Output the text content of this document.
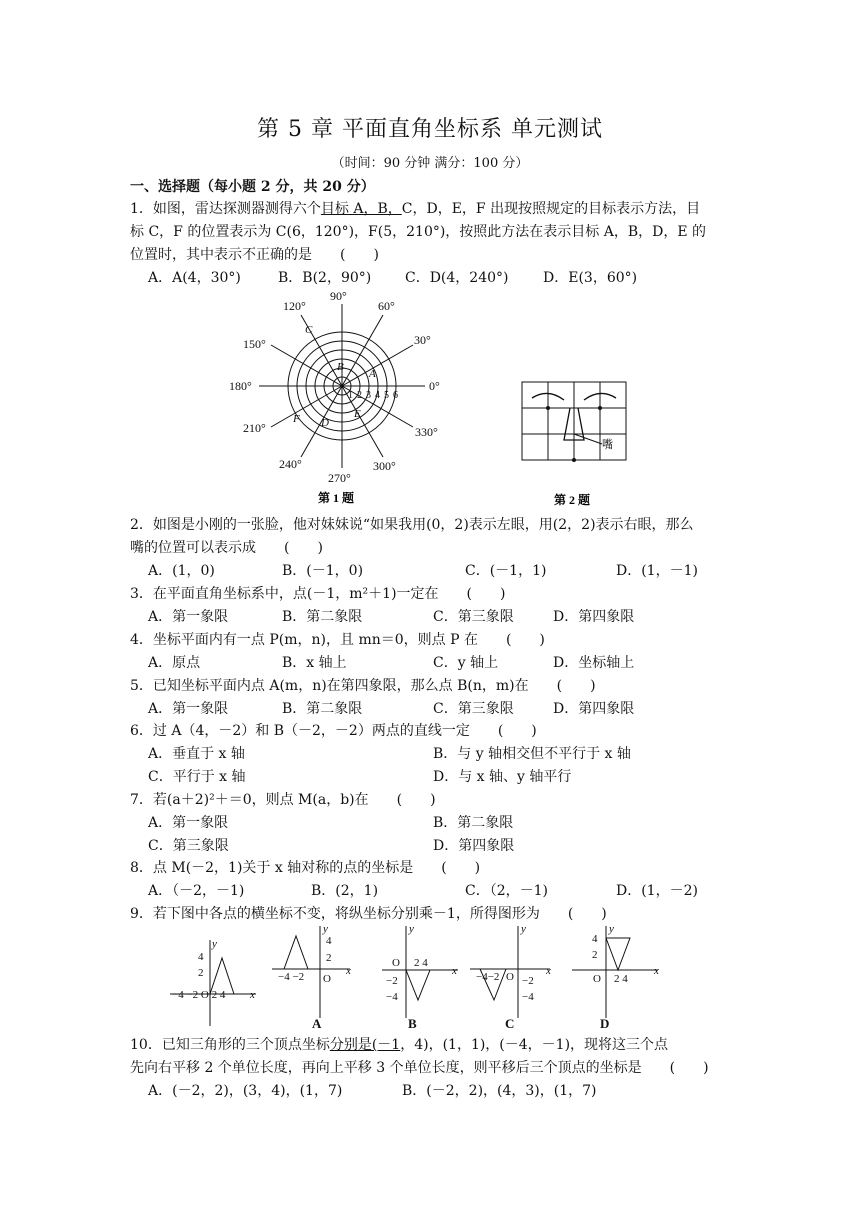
第 5 章 平面直角坐标系 单元测试
（时间：90 分钟 满分：100 分）
一、选择题（每小题 2 分，共 20 分）
1．如图，雷达探测器测得六个目标 A，B，C，D，E，F 出现按照规定的目标表示方法，目
标 C，F 的位置表示为 C(6，120°)，F(5，210°)，按照此方法在表示目标 A，B，D，E 的
位置时，其中表示不正确的是　　(　　)
A．A(4，30°)	B．B(2，90°) C．D(4，240°) D．E(3，60°)
0°
30°
60°
90°
120°
150°
180°
210°
240°
270°
300°
330°
1 2 3 4 5 6
A
B
C
D
E
F
第 1 题
嘴
第 2 题
2．如图是小刚的一张脸，他对妹妹说“如果我用(0，2)表示左眼，用(2，2)表示右眼，那么
嘴的位置可以表示成　　(　　)
A．(1，0)	B．(－1，0)	C．(－1，1)	D．(1，－1)
3．在平面直角坐标系中，点(－1，m²＋1)一定在　　(　　)
A．第一象限	B．第二象限	C．第三象限	D．第四象限
4．坐标平面内有一点 P(m，n)，且 mn＝0，则点 P 在　　(　　)
A．原点	B．x 轴上	C．y 轴上	D．坐标轴上
5．已知坐标平面内点 A(m，n)在第四象限，那么点 B(n，m)在　　(　　)
A．第一象限	B．第二象限	C．第三象限	D．第四象限
6．过 A（4，－2）和 B（－2，－2）两点的直线一定　　(　　)
A．垂直于 x 轴	B．与 y 轴相交但不平行于 x 轴
C．平行于 x 轴	D．与 x 轴、y 轴平行
7．若(a＋2)²＋＝0，则点 M(a，b)在　　(　　)
A．第一象限	B．第二象限
C．第三象限	D．第四象限
8．点 M(－2，1)关于 x 轴对称的点的坐标是　　(　　)
A．（－2，－1)	B．(2，1)	C．（2，－1)	D．(1，－2)
9．若下图中各点的横坐标不变，将纵坐标分别乘－1，所得图形为　　(　　)
y
x
4
2
−4 −2 O 2 4
y
x
4
2
−4 −2 O
y
x
O 2 4
−2
−4
y
x
−4−2 O −2
−4
y
x
4
2
O 2 4
A	B	C	D
10．已知三角形的三个顶点坐标分别是(－1，4)，(1，1)，(－4，－1)，现将这三个点
先向右平移 2 个单位长度，再向上平移 3 个单位长度，则平移后三个顶点的坐标是　　(　　)
A．(－2，2)，(3，4)，(1，7)	B．(－2，2)，(4，3)，(1，7)
